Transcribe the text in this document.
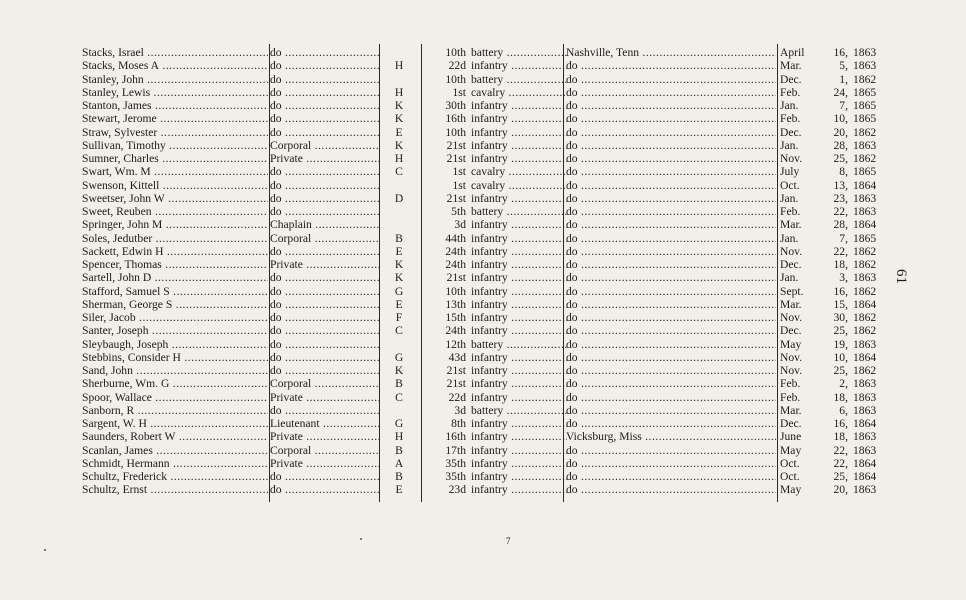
Stacks, Israel .....	do .....	10th battery .....	Nashville, Tenn .....	April	16, 1863
Stacks, Moses A .....	do .....	H	22d infantry .....	do .....	Mar.	5, 1863
Stanley, John .....	do .....	10th battery .....	do .....	Dec.	1, 1862
Stanley, Lewis .....	do .....	H	1st cavalry .....	do .....	Feb.	24, 1865
Stanton, James .....	do .....	K	30th infantry .....	do .....	Jan.	7, 1865
Stewart, Jerome .....	do .....	K	16th infantry .....	do .....	Feb.	10, 1865
Straw, Sylvester .....	do .....	E	10th infantry .....	do .....	Dec.	20, 1862
Sullivan, Timothy .....	Corporal .....	K	21st infantry .....	do .....	Jan.	28, 1863
Sumner, Charles .....	Private .....	H	21st infantry .....	do .....	Nov.	25, 1862
Swart, Wm. M .....	do .....	C	1st cavalry .....	do .....	July	8, 1865
Swenson, Kittell .....	do .....	1st cavalry .....	do .....	Oct.	13, 1864
Sweetser, John W .....	do .....	D	21st infantry .....	do .....	Jan.	23, 1863
Sweet, Reuben .....	do .....	5th battery .....	do .....	Feb.	22, 1863
Springer, John M .....	Chaplain .....	3d infantry .....	do .....	Mar.	28, 1864
Soles, Jedutber .....	Corporal .....	B	44th infantry .....	do .....	Jan.	7, 1865
Sackett, Edwin H .....	do .....	E	24th infantry .....	do .....	Nov.	22, 1862
Spencer, Thomas .....	Private .....	K	24th infantry .....	do .....	Dec.	18, 1862
Sartell, John D .....	do .....	K	21st infantry .....	do .....	Jan.	3, 1863
Stafford, Samuel S .....	do .....	G	10th infantry .....	do .....	Sept.	16, 1862
Sherman, George S .....	do .....	E	13th infantry .....	do .....	Mar.	15, 1864
Siler, Jacob .....	do .....	F	15th infantry .....	do .....	Nov.	30, 1862
Santer, Joseph .....	do .....	C	24th infantry .....	do .....	Dec.	25, 1862
Sleybaugh, Joseph .....	do .....	12th battery .....	do .....	May	19, 1863
Stebbins, Consider H .....	do .....	G	43d infantry .....	do .....	Nov.	10, 1864
Sand, John .....	do .....	K	21st infantry .....	do .....	Nov.	25, 1862
Sherburne, Wm. G .....	Corporal .....	B	21st infantry .....	do .....	Feb.	2, 1863
Spoor, Wallace .....	Private .....	C	22d infantry .....	do .....	Feb.	18, 1863
Sanborn, R .....	do .....	3d battery .....	do .....	Mar.	6, 1863
Sargent, W. H .....	Lieutenant .....	G	8th infantry .....	do .....	Dec.	16, 1864
Saunders, Robert W .....	Private .....	H	16th infantry .....	Vicksburg, Miss .....	June	18, 1863
Scanlan, James .....	Corporal .....	B	17th infantry .....	do .....	May	22, 1863
Schmidt, Hermann .....	Private .....	A	35th infantry .....	do .....	Oct.	22, 1864
Schultz, Frederick .....	do .....	B	35th infantry .....	do .....	Oct.	25, 1864
Schultz, Ernst .....	do .....	E	23d infantry .....	do .....	May	20, 1863
61
7
